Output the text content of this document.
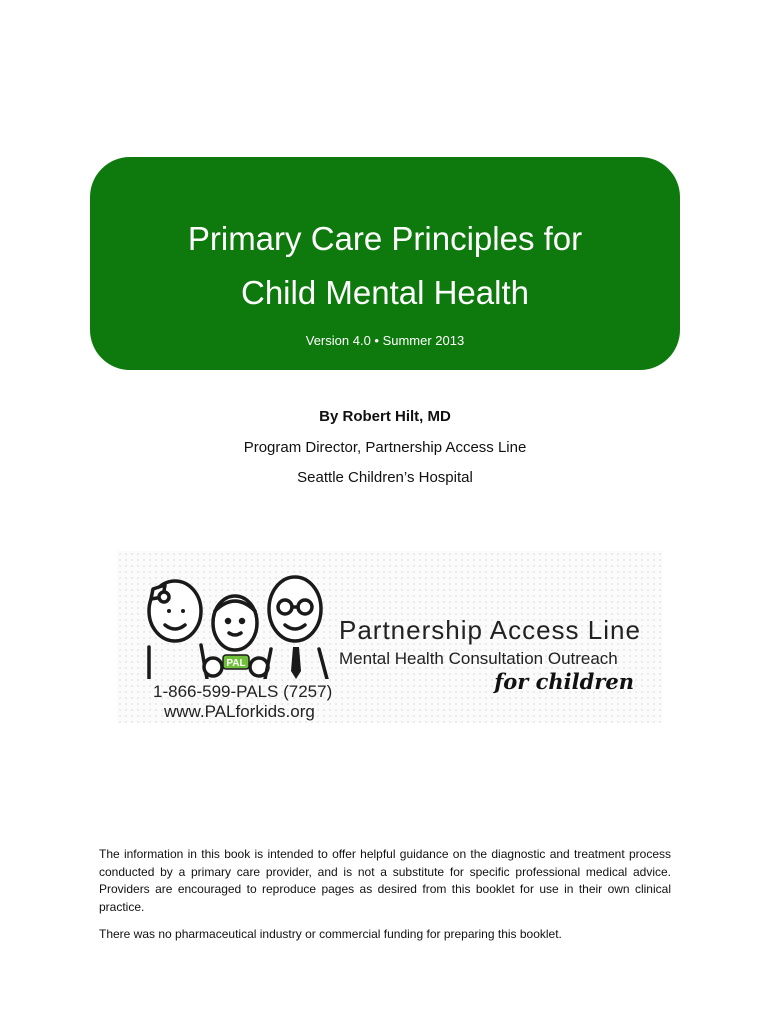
Primary Care Principles for
Child Mental Health
Version 4.0 • Summer 2013
By Robert Hilt, MD
Program Director, Partnership Access Line
Seattle Children’s Hospital
PAL
Partnership Access Line
Mental Health Consultation Outreach
for children
1-866-599-PALS (7257)
www.PALforkids.org

The information in this book is intended to offer helpful guidance on the diagnostic and treatment process conducted by a primary care provider, and is not a substitute for specific professional medical advice. Providers are encouraged to reproduce pages as desired from this booklet for use in their own clinical practice.

There was no pharmaceutical industry or commercial funding for preparing this booklet.
